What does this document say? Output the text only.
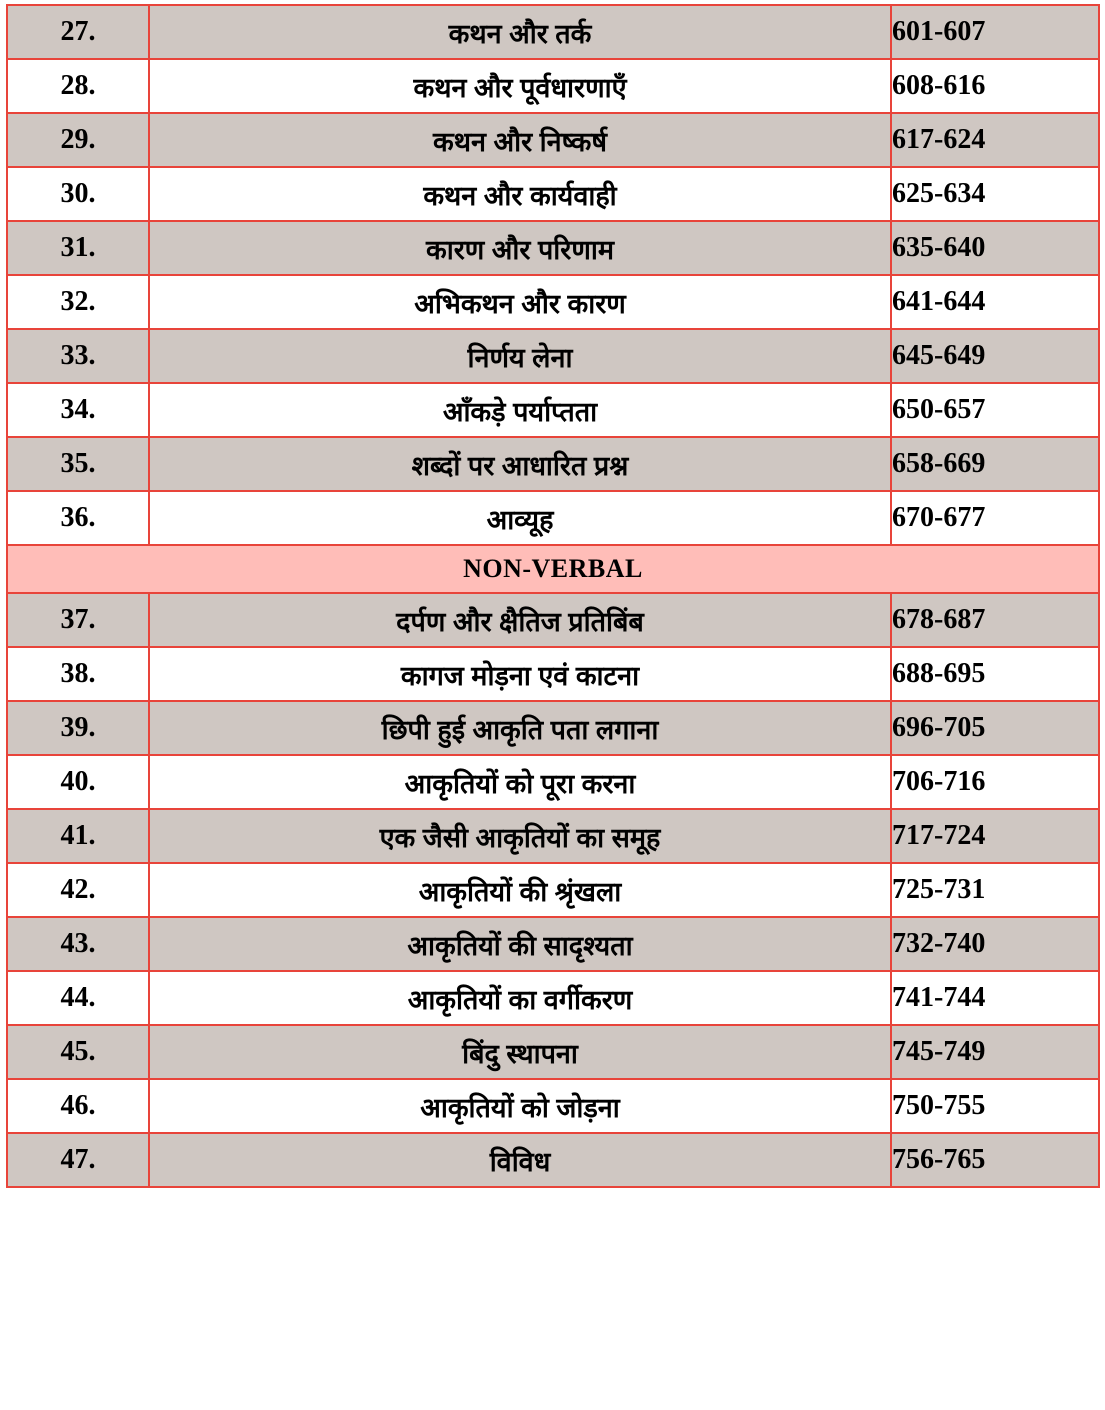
27.	कथन और तर्क	601-607
28.	कथन और पूर्वधारणाएँ	608-616
29.	कथन और निष्कर्ष	617-624
30.	कथन और कार्यवाही	625-634
31.	कारण और परिणाम	635-640
32.	अभिकथन और कारण	641-644
33.	निर्णय लेना	645-649
34.	आँकड़े पर्याप्तता	650-657
35.	शब्दों पर आधारित प्रश्न	658-669
36.	आव्यूह	670-677
NON-VERBAL		
37.	दर्पण और क्षैतिज प्रतिबिंब	678-687
38.	कागज मोड़ना एवं काटना	688-695
39.	छिपी हुई आकृति पता लगाना	696-705
40.	आकृतियों को पूरा करना	706-716
41.	एक जैसी आकृतियों का समूह	717-724
42.	आकृतियों की श्रृंखला	725-731
43.	आकृतियों की सादृश्यता	732-740
44.	आकृतियों का वर्गीकरण	741-744
45.	बिंदु स्थापना	745-749
46.	आकृतियों को जोड़ना	750-755
47.	विविध	756-765
